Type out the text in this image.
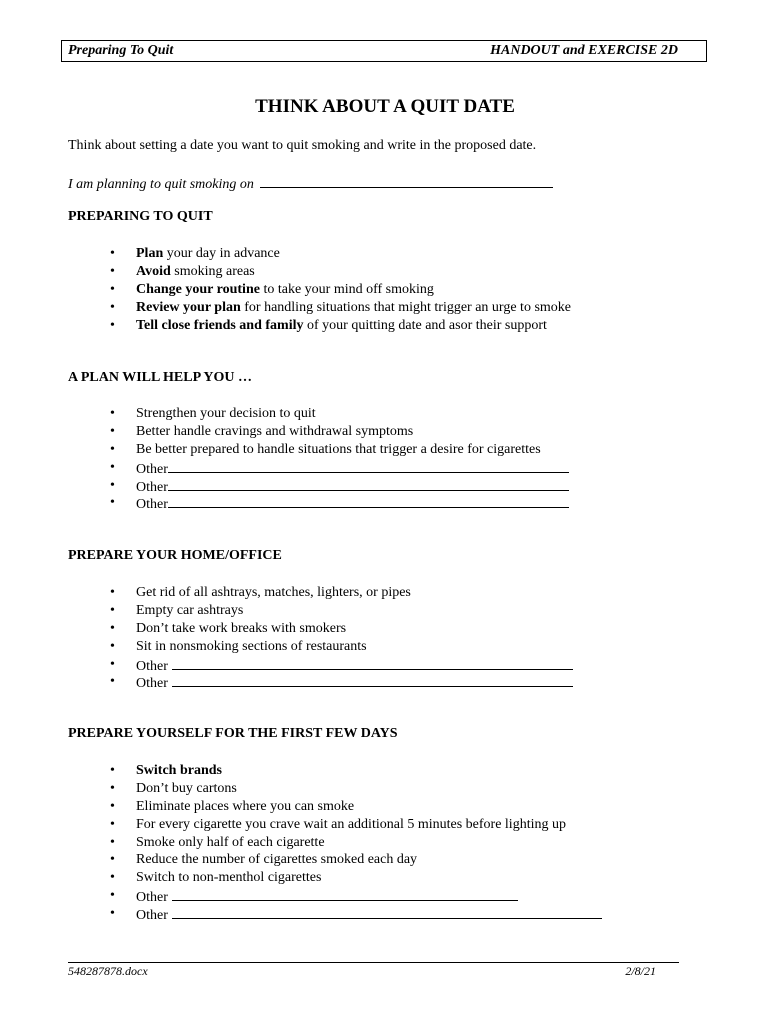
Preparing To Quit	HANDOUT and EXERCISE 2D
THINK ABOUT A QUIT DATE
Think about setting a date you want to quit smoking and write in the proposed date.
I am planning to quit smoking on
PREPARING TO QUIT
• Plan your day in advance
• Avoid smoking areas
• Change your routine to take your mind off smoking
• Review your plan for handling situations that might trigger an urge to smoke
• Tell close friends and family of your quitting date and asor their support
A PLAN WILL HELP YOU …
• Strengthen your decision to quit
• Better handle cravings and withdrawal symptoms
• Be better prepared to handle situations that trigger a desire for cigarettes
• Other
• Other
• Other
PREPARE YOUR HOME/OFFICE
• Get rid of all ashtrays, matches, lighters, or pipes
• Empty car ashtrays
• Don’t take work breaks with smokers
• Sit in nonsmoking sections of restaurants
• Other
• Other
PREPARE YOURSELF FOR THE FIRST FEW DAYS
• Switch brands
• Don’t buy cartons
• Eliminate places where you can smoke
• For every cigarette you crave wait an additional 5 minutes before lighting up
• Smoke only half of each cigarette
• Reduce the number of cigarettes smoked each day
• Switch to non-menthol cigarettes
• Other
• Other
548287878.docx	2/8/21
